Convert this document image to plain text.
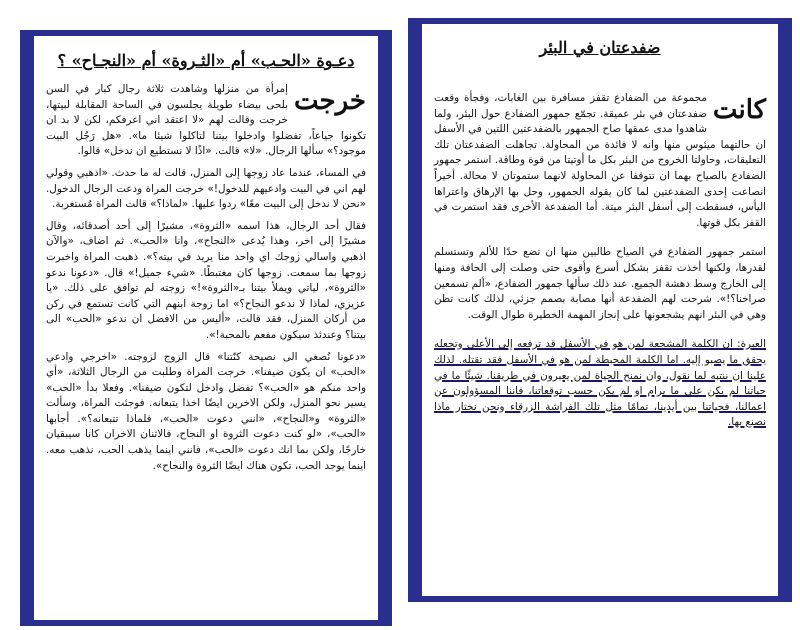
دعـوة «الحـب» أم «الثـروة» أم «النجـاح» ؟
خرجت
إمرأة من منزلها وشاهدت ثلاثة رجال كبار في السن بلحى بيضاء طويلة يجلسون في الساحة المقابلة لبيتها، خرجت وقالت لهم «لا اعتقد اني اعرفكم، لكن لا بد ان تكونوا جياعاً، تفضلوا وادخلوا بيتنا لتاكلوا شيئا ما». «هل رَجُل البيت موجود؟» سألها الرجال. «لا» قالت. «اذًا لا نستطيع ان ندخل» قالوا.
في المساء، عندما عاد زوجها إلى المنزل، قالت له ما حدث. «اذهبي وقولي لهم اني في البيت وادعيهم للدخول!» خرجت المراة ودعت الرجال الدخول. «نحن لا ندخل إلى البيت معًا» ردوا عليها. «لماذا؟» قالت المراة مُستغربة.
فقال أحد الرجال، هذا اسمه «الثروة»، مشيرًا إلى أحد أصدقائه، وقال مشيرًا إلى اخر، وهذا يُدعى «النجاح»، وانا «الحب». ثم اضاف، «والآن اذهبي واسالي زوجك اي واحد منا يريد في بيته؟». ذهبت المراة واخبرت زوجها بما سمعت. زوجها كان مغتبطًا. «شيء جميل!» قال. «دعونا ندعو «الثروة»، لياتي ويملأ بيتنا بـ«الثروة»!» زوجته لم توافق على ذلك. «يا عزيزي، لماذا لا ندعو النجاح؟» اما زوجة ابنهم التي كانت تستمع في ركن من أركان المنزل، فقد قالت، «أليس من الافضل ان ندعو «الحب» الى بيتنا؟ وعندئذ سيكون مفعم بالمحبة!».
«دعونا نُصغي الى نصيحة كنّتنا» قال الزوج لزوجته. «اخرجي وادعي «الحب» ان يكون ضيفنا». خرجت المراة وطلبت من الرجال الثلاثة، «أي واحد منكم هو «الحب»؟ تفضل وادخل لتكون ضيفنا». وفعلا بدأ «الحب» يسير نحو المنزل، ولكن الاخرين ايضًا اخذا يتبعانه. فوجئت المراة، وسألت «الثروة» و«النجاح»، «انني دعوت «الحب»، فلماذا تتبعانه؟». أجابها «الحب»، «لو كنت دعوت الثروة او النجاح، فالاثنان الاخران كانا سيبقيان خارجًا، ولكن بما انك دعوت «الحب»، فانني اينما يذهب الحب، نذهب معه. اينما يوجد الحب، تكون هناك ايضًا الثروة والنجاح».
ضفدعتان في البئر
كانت
مجموعة من الضفادع تقفز مسافرة بين الغابات، وفجأة وقعت ضفدعتان في بئر عميقة. تجمّع جمهور الضفادع حول البئر، ولما شاهدوا مدى عمقها صاح الجمهور بالضفدعتين اللتين في الأسفل ان حالتهما ميئوس منها وانه لا فائدة من المحاولة. تجاهلت الضفدعتان تلك التعليقات، وحاولتا الخروج من البئر بكل ما أوتيتا من قوة وطاقة. استمر جمهور الضفادع بالصياح بهما ان تتوقفا عن المحاولة لانهما ستموتان لا محالة. أخيراً انصاعت إحدى الضفدعتين لما كان يقوله الجمهور، وحل بها الإرهاق واعتراها اليأس، فسقطت إلى أسفل البئر ميتة. أما الضفدعة الأخرى فقد استمرت في القفز بكل قوتها.
استمر جمهور الضفادع في الصياح طالبين منها ان تضع حدًا للألم وتستسلم لقدرها، ولكنها أخذت تقفز بشكل أسرع وأقوى حتى وصلت إلى الحافة ومنها إلى الخارج وسط دهشة الجميع. عند ذلك سألها جمهور الضفادع، «ألم تسمعين صراخنا؟!». شرحت لهم الضفدعة أنها مصابة بصمم جزئي، لذلك كانت تظن وهي في البئر انهم يشجعونها على إنجاز المهمة الخطيرة طوال الوقت.
العبرة: ان الكلمة المشجعة لمن هو في الأسفل قد ترفعه إلى الأعلى وتجعله يحقق ما يصبو إليه. اما الكلمة المحبطة لمن هو في الأسفل فقد تقتله. لذلك علينا ان ننتبه لما نقول، وان نمنح الحياة لمن يعبرون في طريقنا. شيئًا ما في حياتنا لم يكن على ما يرام او لم يكن حسب توقعاتنا، فاننا المسؤولون عن اعمالنا، فحياتنا بين أيدينا، تمامًا مثل تلك الفراشة الزرقاء ونحن نختار ماذا نصنع بها.
